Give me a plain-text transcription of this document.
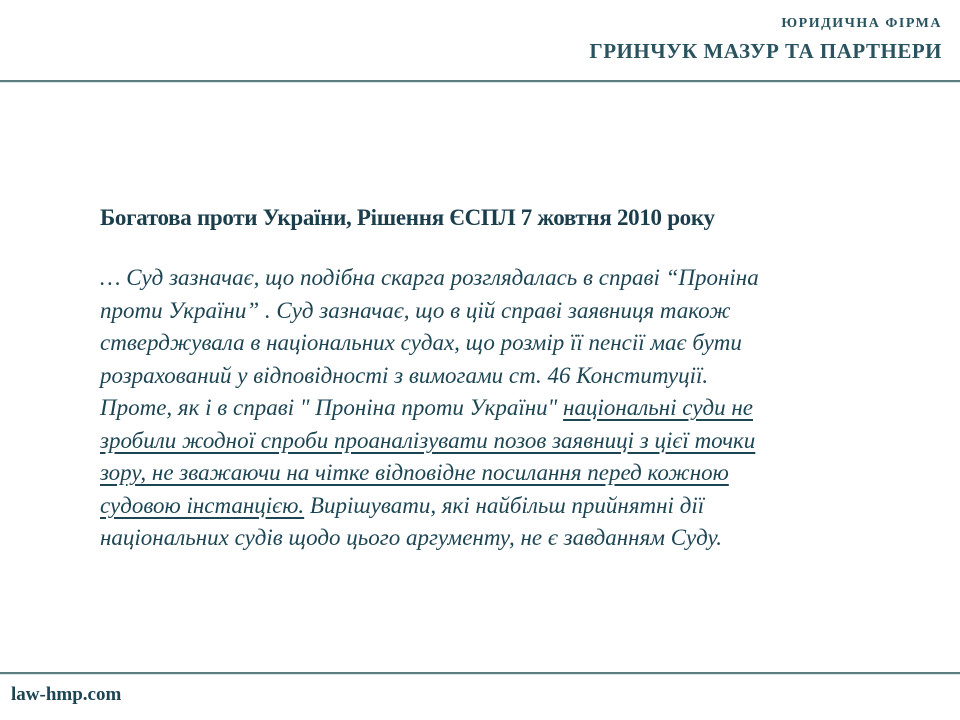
ЮРИДИЧНА ФІРМА
ГРИНЧУК МАЗУР ТА ПАРТНЕРИ
Богатова проти України, Рішення ЄСПЛ 7 жовтня 2010 року
… Суд зазначає, що подібна скарга розглядалась в справі “Проніна
проти України” . Суд зазначає, що в цій справі заявниця також
стверджувала в національних судах, що розмір її пенсії має бути
розрахований у відповідності з вимогами ст. 46 Конституції.
Проте, як і в справі " Проніна проти України" національні суди не
зробили жодної спроби проаналізувати позов заявниці з цієї точки
зору, не зважаючи на чітке відповідне посилання перед кожною
судовою інстанцією. Вирішувати, які найбільш прийнятні дії
національних судів щодо цього аргументу, не є завданням Суду.
law-hmp.com
